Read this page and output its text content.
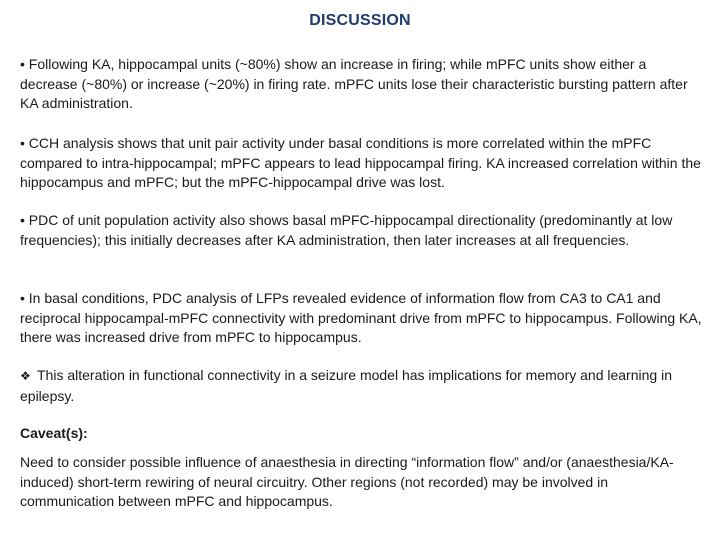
DISCUSSION

• Following KA, hippocampal units (~80%) show an increase in firing; while mPFC units show either a decrease (~80%) or increase (~20%) in firing rate. mPFC units lose their characteristic bursting pattern after KA administration.

• CCH analysis shows that unit pair activity under basal conditions is more correlated within the mPFC compared to intra-hippocampal; mPFC appears to lead hippocampal firing. KA increased correlation within the hippocampus and mPFC; but the mPFC-hippocampal drive was lost.

• PDC of unit population activity also shows basal mPFC-hippocampal directionality (predominantly at low frequencies); this initially decreases after KA administration, then later increases at all frequencies.

• In basal conditions, PDC analysis of LFPs revealed evidence of information flow from CA3 to CA1 and reciprocal hippocampal-mPFC connectivity with predominant drive from mPFC to hippocampus. Following KA, there was increased drive from mPFC to hippocampus.

❖ This alteration in functional connectivity in a seizure model has implications for memory and learning in epilepsy.

Caveat(s):

Need to consider possible influence of anaesthesia in directing “information flow” and/or (anaesthesia/KA-induced) short-term rewiring of neural circuitry. Other regions (not recorded) may be involved in communication between mPFC and hippocampus.
